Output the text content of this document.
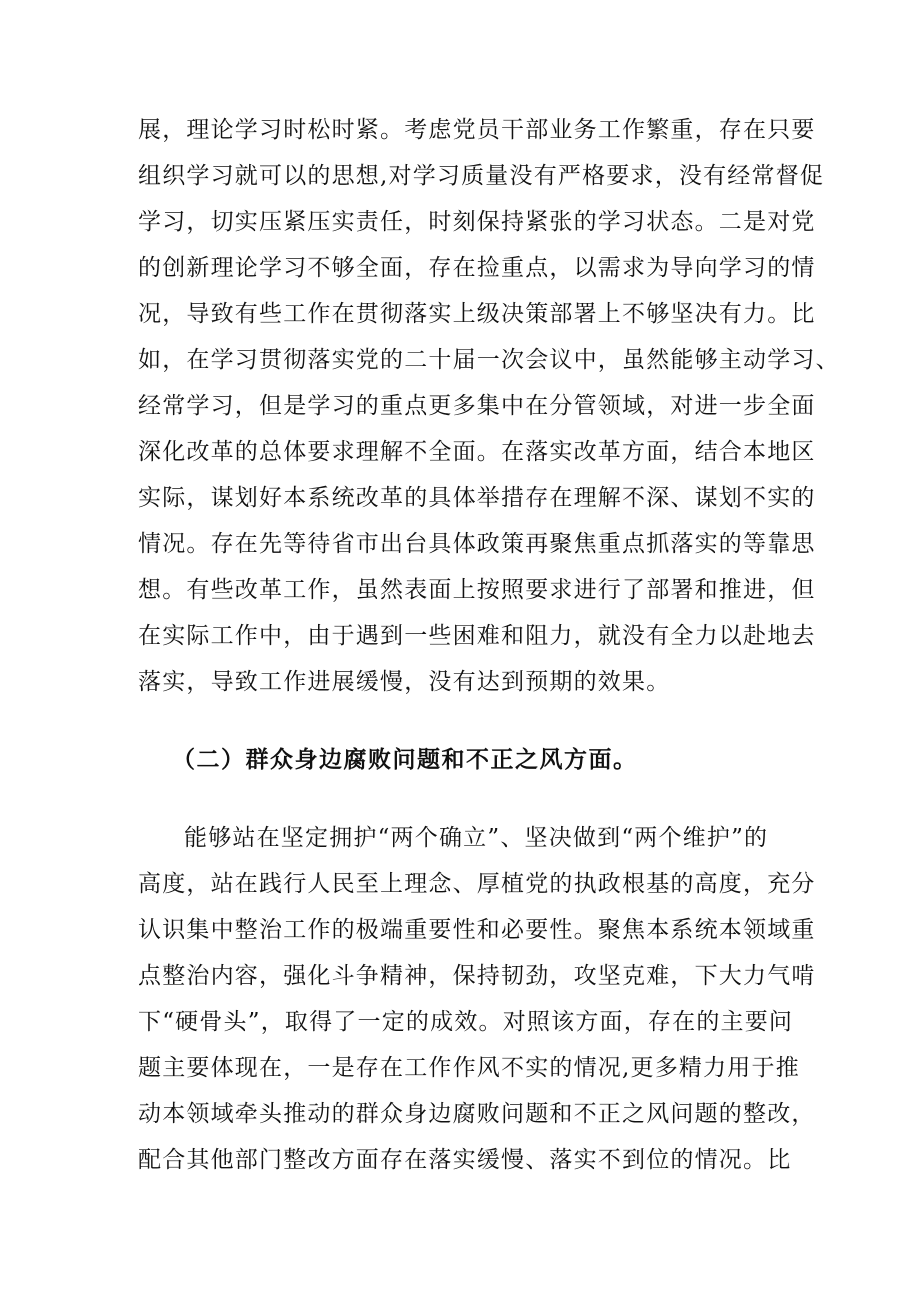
展，理论学习时松时紧。考虑党员干部业务工作繁重，存在只要
组织学习就可以的思想,对学习质量没有严格要求，没有经常督促
学习，切实压紧压实责任，时刻保持紧张的学习状态。二是对党
的创新理论学习不够全面，存在捡重点，以需求为导向学习的情
况，导致有些工作在贯彻落实上级决策部署上不够坚决有力。比
如，在学习贯彻落实党的二十届一次会议中，虽然能够主动学习、
经常学习，但是学习的重点更多集中在分管领域，对进一步全面
深化改革的总体要求理解不全面。在落实改革方面，结合本地区
实际，谋划好本系统改革的具体举措存在理解不深、谋划不实的
情况。存在先等待省市出台具体政策再聚焦重点抓落实的等靠思
想。有些改革工作，虽然表面上按照要求进行了部署和推进，但
在实际工作中，由于遇到一些困难和阻力，就没有全力以赴地去
落实，导致工作进展缓慢，没有达到预期的效果。
（二）群众身边腐败问题和不正之风方面。
能够站在坚定拥护“两个确立”、坚决做到“两个维护”的
高度，站在践行人民至上理念、厚植党的执政根基的高度，充分
认识集中整治工作的极端重要性和必要性。聚焦本系统本领域重
点整治内容，强化斗争精神，保持韧劲，攻坚克难，下大力气啃
下“硬骨头”，取得了一定的成效。对照该方面，存在的主要问
题主要体现在，一是存在工作作风不实的情况,更多精力用于推
动本领域牵头推动的群众身边腐败问题和不正之风问题的整改，
配合其他部门整改方面存在落实缓慢、落实不到位的情况。比
